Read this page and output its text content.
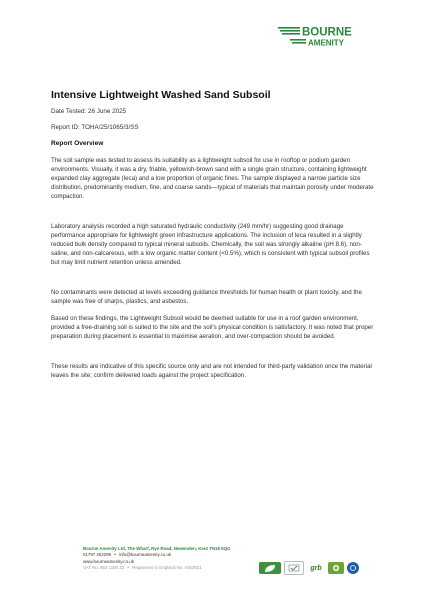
BOURNE
AMENITY
Intensive Lightweight Washed Sand Subsoil
Date Tested: 26 June 2025
Report ID: TOHA/25/1065/3/SS
Report Overview

The soil sample was tested to assess its suitability as a lightweight subsoil for use in rooftop or podium garden environments. Visually, it was a dry, friable, yellowish-brown sand with a single grain structure, containing lightweight expanded clay aggregate (leca) and a low proportion of organic fines. The sample displayed a narrow particle size distribution, predominantly medium, fine, and coarse sands—typical of materials that maintain porosity under moderate compaction.

Laboratory analysis recorded a high saturated hydraulic conductivity (249 mm/hr) suggesting good drainage performance appropriate for lightweight green infrastructure applications. The inclusion of leca resulted in a slightly reduced bulk density compared to typical mineral subsoils. Chemically, the soil was strongly alkaline (pH 8.6), non-saline, and non-calcareous, with a low organic matter content (<0.5%), which is consistent with typical subsoil profiles but may limit nutrient retention unless amended.

No contaminants were detected at levels exceeding guidance thresholds for human health or plant toxicity, and the sample was free of sharps, plastics, and asbestos.

Based on these findings, the Lightweight Subsoil would be deemed suitable for use in a roof garden environment, provided a free-draining soil is suited to the site and the soil's physical condition is satisfactory. It was noted that proper preparation during placement is essential to maximise aeration, and over-compaction should be avoided.

These results are indicative of this specific source only and are not intended for third-party validation once the material leaves the site; confirm delivered loads against the project specification.

Bourne Amenity Ltd, The Wharf, Rye Road, Newenden, Kent TN18 5QG
01797 252299 • info@bourneamenity.co.uk
www.bourneamenity.co.uk
VAT No. 863 1190 22 • Registered in England No. 5453821	grb
